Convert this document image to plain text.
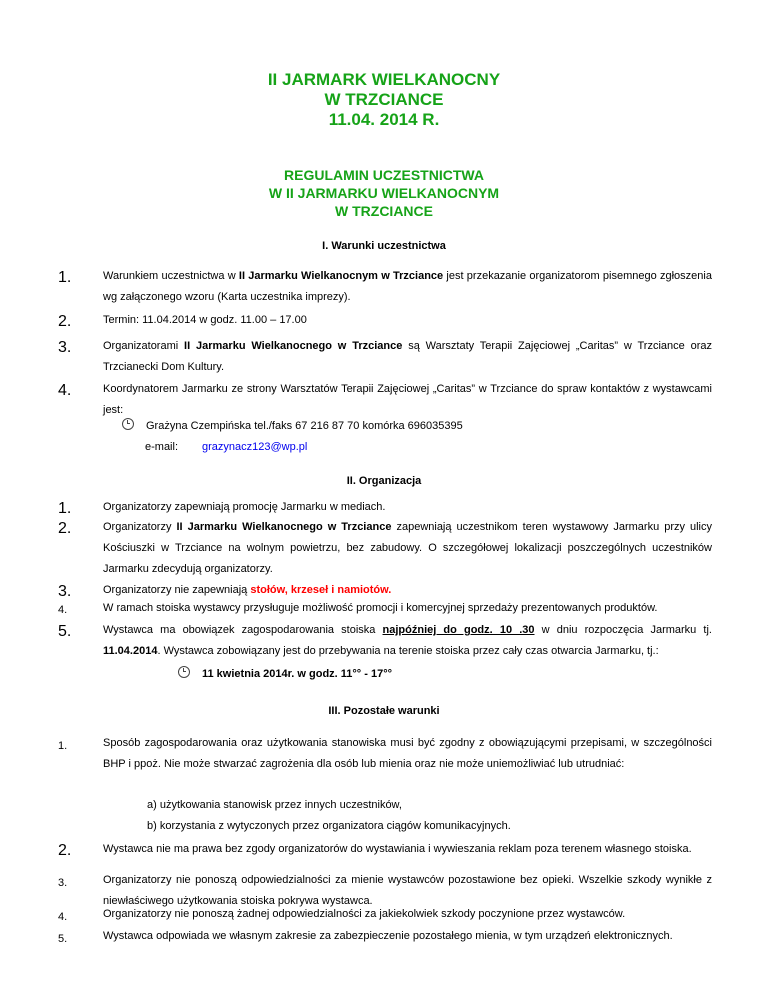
II JARMARK WIELKANOCNY
W TRZCIANCE
11.04. 2014 R.
REGULAMIN UCZESTNICTWA
W II JARMARKU WIELKANOCNYM
W TRZCIANCE
I. Warunki uczestnictwa
1.	Warunkiem uczestnictwa w II Jarmarku Wielkanocnym w Trzciance jest przekazanie organizatorom pisemnego zgłoszenia wg załączonego wzoru (Karta uczestnika imprezy).
2.	Termin: 11.04.2014 w godz. 11.00 – 17.00
3.	Organizatorami II Jarmarku Wielkanocnego w Trzciance są Warsztaty Terapii Zajęciowej „Caritas” w Trzciance oraz Trzcianecki Dom Kultury.
4.	Koordynatorem Jarmarku ze strony Warsztatów Terapii Zajęciowej „Caritas” w Trzciance do spraw kontaktów z wystawcami jest:
Grażyna Czempińska tel./faks 67 216 87 70 komórka 696035395
e-mail: grazynacz123@wp.pl
II. Organizacja
1.	Organizatorzy zapewniają promocję Jarmarku w mediach.
2.	Organizatorzy II Jarmarku Wielkanocnego w Trzciance zapewniają uczestnikom teren wystawowy Jarmarku przy ulicy Kościuszki w Trzciance na wolnym powietrzu, bez zabudowy. O szczegółowej lokalizacji poszczególnych uczestników Jarmarku zdecydują organizatorzy.
3.	Organizatorzy nie zapewniają stołów, krzeseł i namiotów.
4.	W ramach stoiska wystawcy przysługuje możliwość promocji i komercyjnej sprzedaży prezentowanych produktów.
5.	Wystawca ma obowiązek zagospodarowania stoiska najpóźniej do godz. 10 .30 w dniu rozpoczęcia Jarmarku tj. 11.04.2014. Wystawca zobowiązany jest do przebywania na terenie stoiska przez cały czas otwarcia Jarmarku, tj.:
11 kwietnia 2014r. w godz. 11°° - 17°°
III. Pozostałe warunki
1.	Sposób zagospodarowania oraz użytkowania stanowiska musi być zgodny z obowiązującymi przepisami, w szczególności BHP i ppoż. Nie może stwarzać zagrożenia dla osób lub mienia oraz nie może uniemożliwiać lub utrudniać:
a) użytkowania stanowisk przez innych uczestników,
b) korzystania z wytyczonych przez organizatora ciągów komunikacyjnych.
2.	Wystawca nie ma prawa bez zgody organizatorów do wystawiania i wywieszania reklam poza terenem własnego stoiska.
3.	Organizatorzy nie ponoszą odpowiedzialności za mienie wystawców pozostawione bez opieki. Wszelkie szkody wynikłe z niewłaściwego użytkowania stoiska pokrywa wystawca.
4.	Organizatorzy nie ponoszą żadnej odpowiedzialności za jakiekolwiek szkody poczynione przez wystawców.
5.	Wystawca odpowiada we własnym zakresie za zabezpieczenie pozostałego mienia, w tym urządzeń elektronicznych.
